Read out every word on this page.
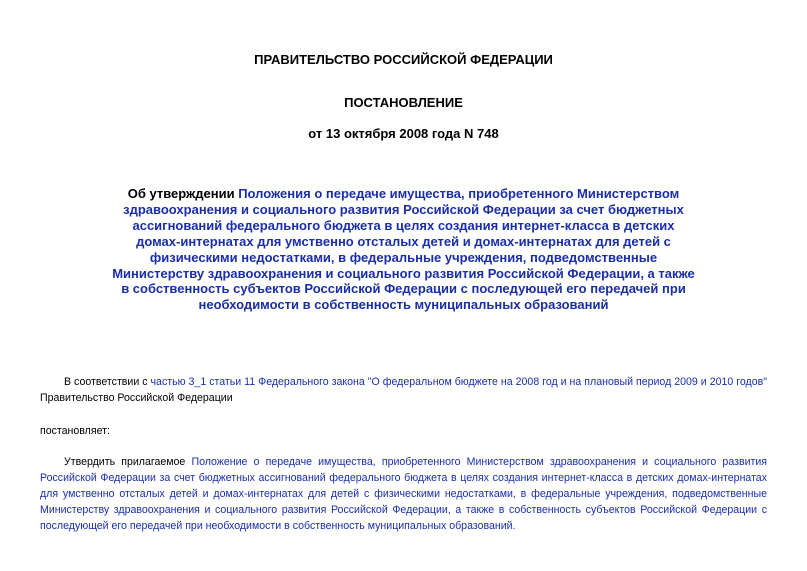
ПРАВИТЕЛЬСТВО РОССИЙСКОЙ ФЕДЕРАЦИИ
ПОСТАНОВЛЕНИЕ
от 13 октября 2008 года N 748
Об утверждении Положения о передаче имущества, приобретенного Министерством здравоохранения и социального развития Российской Федерации за счет бюджетных ассигнований федерального бюджета в целях создания интернет-класса в детских домах-интернатах для умственно отсталых детей и домах-интернатах для детей с физическими недостатками, в федеральные учреждения, подведомственные Министерству здравоохранения и социального развития Российской Федерации, а также в собственность субъектов Российской Федерации с последующей его передачей при необходимости в собственность муниципальных образований
В соответствии с частью 3_1 статьи 11 Федерального закона "О федеральном бюджете на 2008 год и на плановый период 2009 и 2010 годов" Правительство Российской Федерации
постановляет:
Утвердить прилагаемое Положение о передаче имущества, приобретенного Министерством здравоохранения и социального развития Российской Федерации за счет бюджетных ассигнований федерального бюджета в целях создания интернет-класса в детских домах-интернатах для умственно отсталых детей и домах-интернатах для детей с физическими недостатками, в федеральные учреждения, подведомственные Министерству здравоохранения и социального развития Российской Федерации, а также в собственность субъектов Российской Федерации с последующей его передачей при необходимости в собственность муниципальных образований.
